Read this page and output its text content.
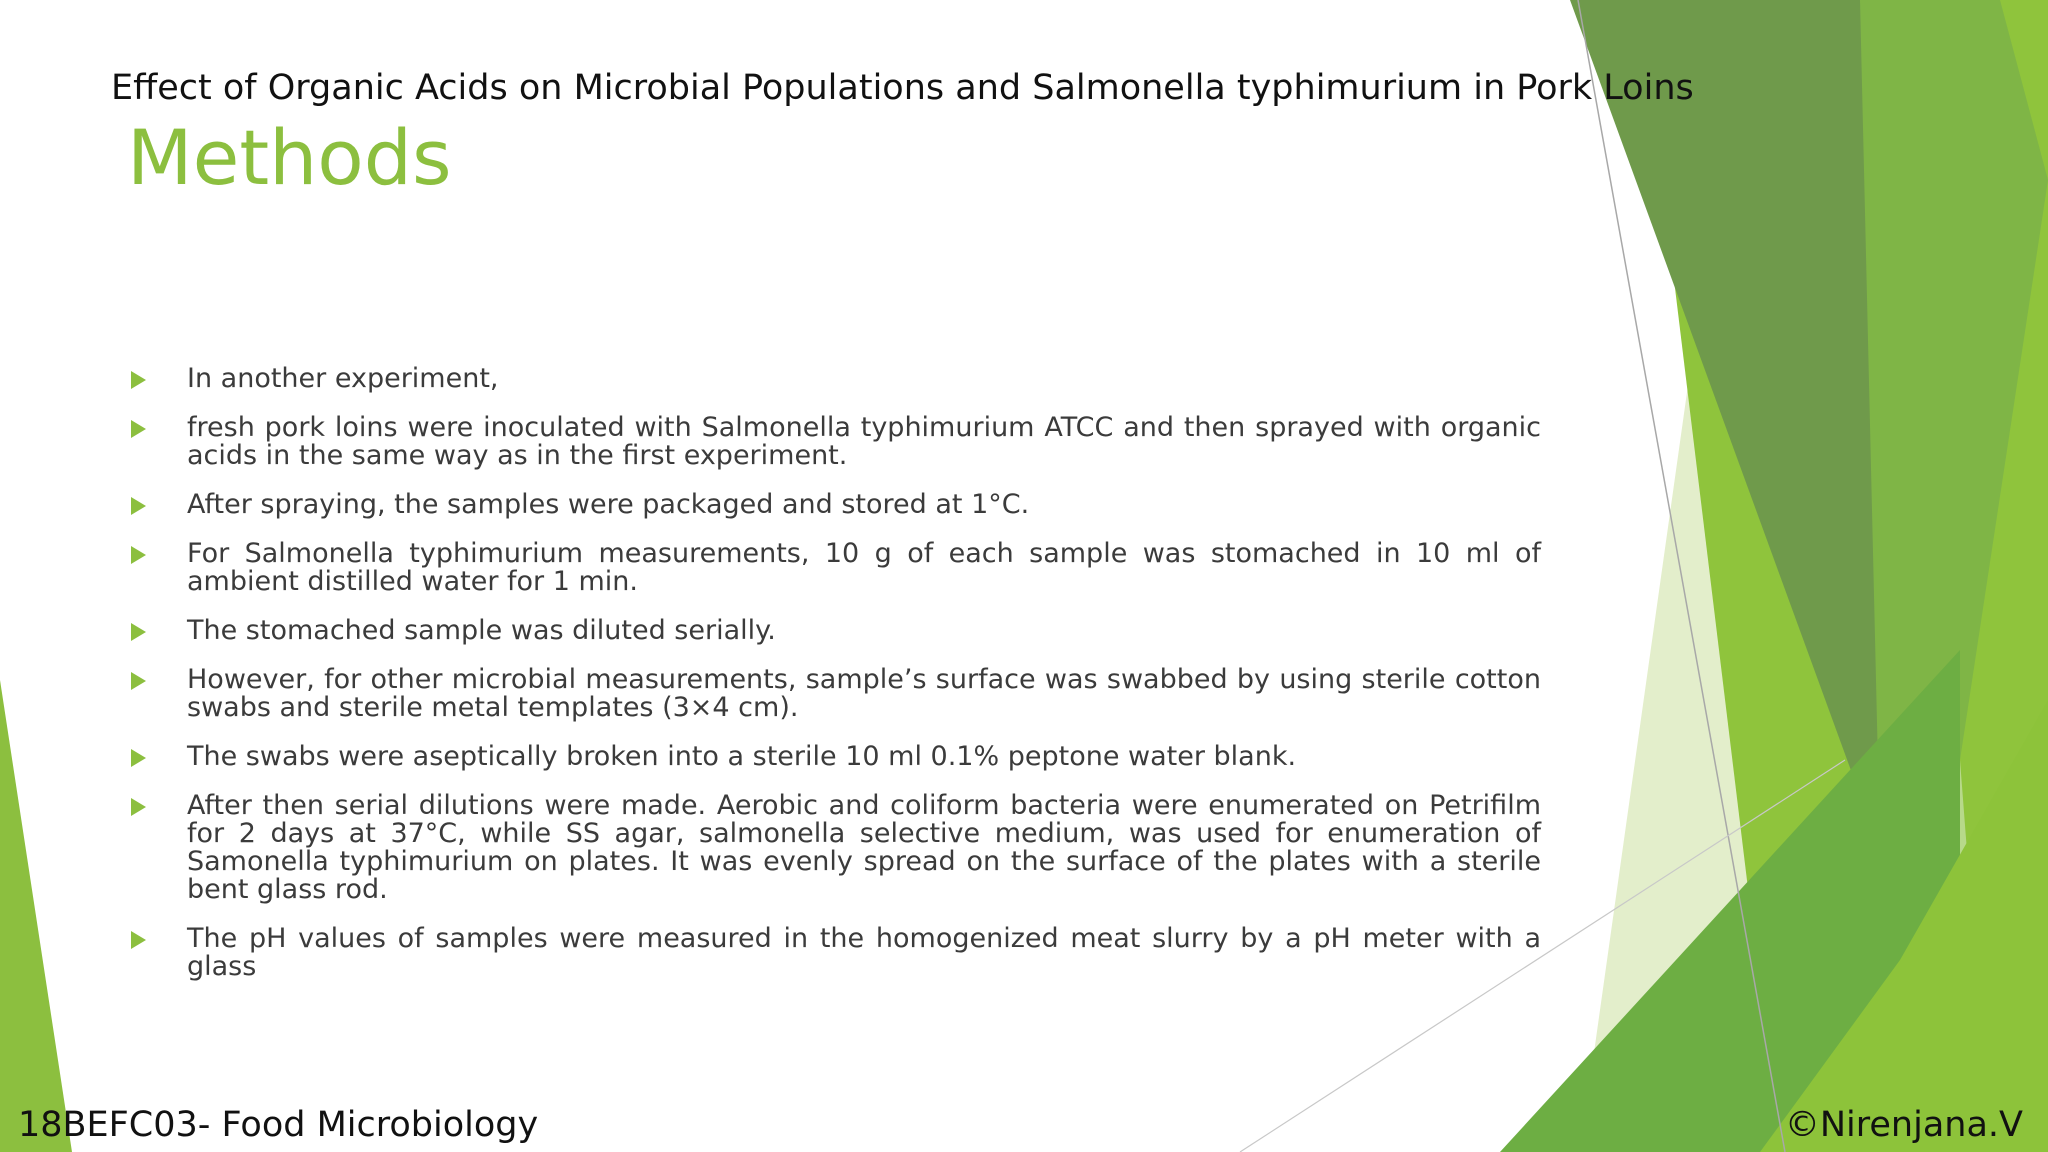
Effect of Organic Acids on Microbial Populations and Salmonella typhimurium in Pork Loins
Methods
In another experiment,
fresh pork loins were inoculated with Salmonella typhimurium ATCC and then sprayed with organic acids in the same way as in the first experiment.
After spraying, the samples were packaged and stored at 1°C.
For Salmonella typhimurium measurements, 10 g of each sample was stomached in 10 ml of ambient distilled water for 1 min.
The stomached sample was diluted serially.
However, for other microbial measurements, sample’s surface was swabbed by using sterile cotton swabs and sterile metal templates (3×4 cm).
The swabs were aseptically broken into a sterile 10 ml 0.1% peptone water blank.
After then serial dilutions were made. Aerobic and coliform bacteria were enumerated on Petrifilm for 2 days at 37°C, while SS agar, salmonella selective medium, was used for enumeration of Samonella typhimurium on plates. It was evenly spread on the surface of the plates with a sterile bent glass rod.
The pH values of samples were measured in the homogenized meat slurry by a pH meter with a glass
18BEFC03- Food Microbiology	©Nirenjana.V
